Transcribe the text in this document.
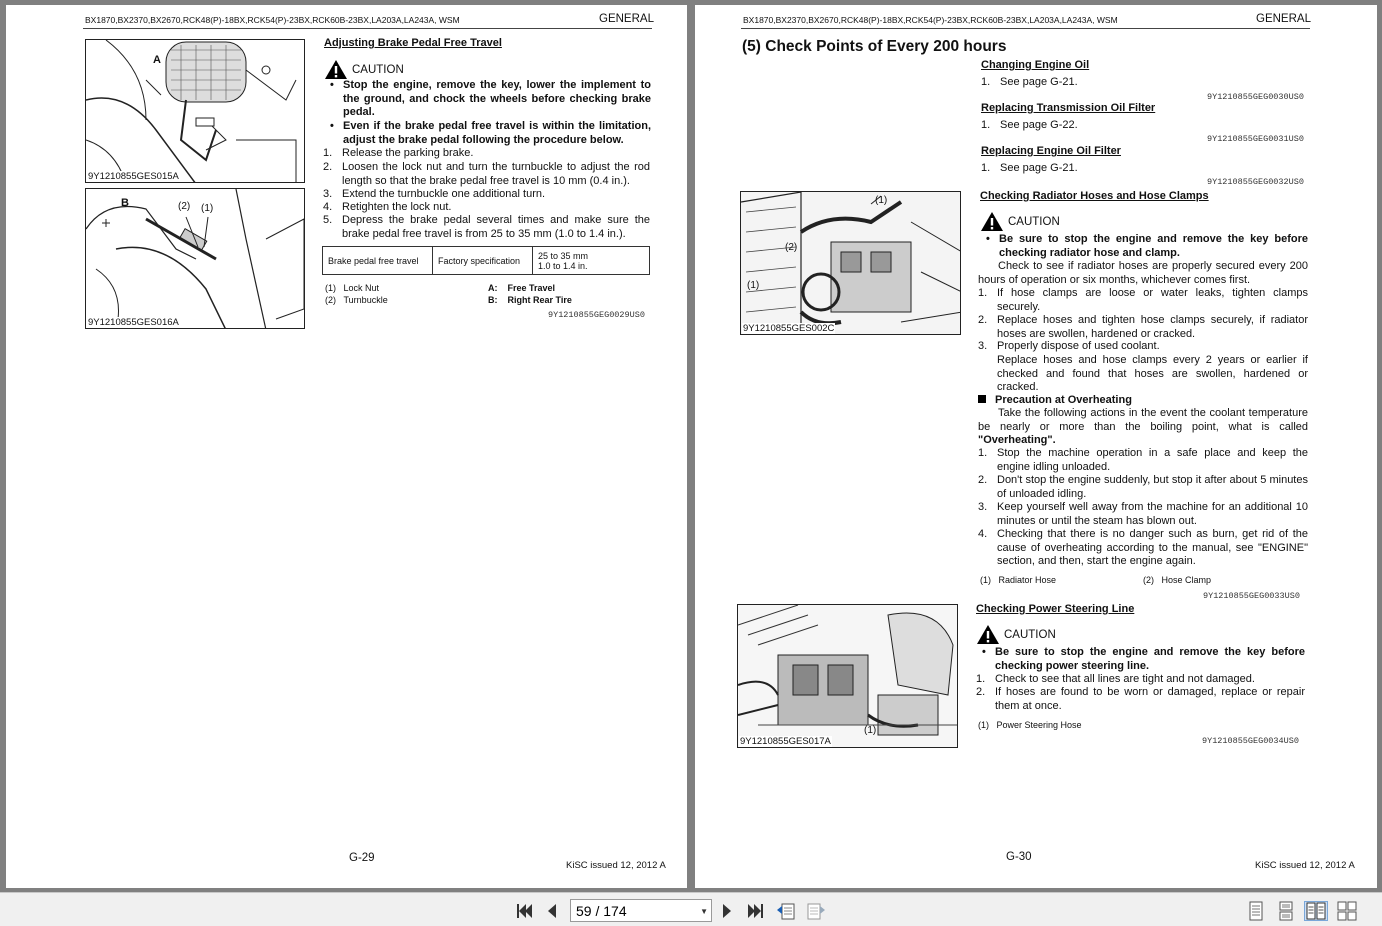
BX1870,BX2370,BX2670,RCK48(P)-18BX,RCK54(P)-23BX,RCK60B-23BX,LA203A,LA243A, WSM	GENERAL
A
9Y1210855GES015A
B	(2) (1)
9Y1210855GES016A
Adjusting Brake Pedal Free Travel
CAUTION
• Stop the engine, remove the key, lower the implement to the ground, and chock the wheels before checking brake pedal.
• Even if the brake pedal free travel is within the limitation, adjust the brake pedal following the procedure below.
1. Release the parking brake.
2. Loosen the lock nut and turn the turnbuckle to adjust the rod length so that the brake pedal free travel is 10 mm (0.4 in.).
3. Extend the turnbuckle one additional turn.
4. Retighten the lock nut.
5. Depress the brake pedal several times and make sure the brake pedal free travel is from 25 to 35 mm (1.0 to 1.4 in.).
Brake pedal free travel	Factory specification	25 to 35 mm
1.0 to 1.4 in.
(1) Lock Nut
(2) Turnbuckle
A: Free Travel
B: Right Rear Tire
9Y1210855GEG0029US0
G-29
KiSC issued 12, 2012 A
BX1870,BX2370,BX2670,RCK48(P)-18BX,RCK54(P)-23BX,RCK60B-23BX,LA203A,LA243A, WSM	GENERAL
(5) Check Points of Every 200 hours
Changing Engine Oil
1. See page G-21.
9Y1210855GEG0030US0
Replacing Transmission Oil Filter
1. See page G-22.
9Y1210855GEG0031US0
Replacing Engine Oil Filter
1. See page G-21.
9Y1210855GEG0032US0
(1)
(2)
(1)
9Y1210855GES002C
Checking Radiator Hoses and Hose Clamps
CAUTION
• Be sure to stop the engine and remove the key before checking radiator hose and clamp.
Check to see if radiator hoses are properly secured every 200 hours of operation or six months, whichever comes first.
1. If hose clamps are loose or water leaks, tighten clamps securely.
2. Replace hoses and tighten hose clamps securely, if radiator hoses are swollen, hardened or cracked.
3. Properly dispose of used coolant.
Replace hoses and hose clamps every 2 years or earlier if checked and found that hoses are swollen, hardened or cracked.
Precaution at Overheating
Take the following actions in the event the coolant temperature be nearly or more than the boiling point, what is called "Overheating".
1. Stop the machine operation in a safe place and keep the engine idling unloaded.
2. Don't stop the engine suddenly, but stop it after about 5 minutes of unloaded idling.
3. Keep yourself well away from the machine for an additional 10 minutes or until the steam has blown out.
4. Checking that there is no danger such as burn, get rid of the cause of overheating according to the manual, see "ENGINE" section, and then, start the engine again.
(1) Radiator Hose	(2) Hose Clamp
9Y1210855GEG0033US0
(1)
9Y1210855GES017A
Checking Power Steering Line
CAUTION
• Be sure to stop the engine and remove the key before checking power steering line.
1. Check to see that all lines are tight and not damaged.
2. If hoses are found to be worn or damaged, replace or repair them at once.
(1) Power Steering Hose
9Y1210855GEG0034US0
G-30
KiSC issued 12, 2012 A
59
/
174	▼
